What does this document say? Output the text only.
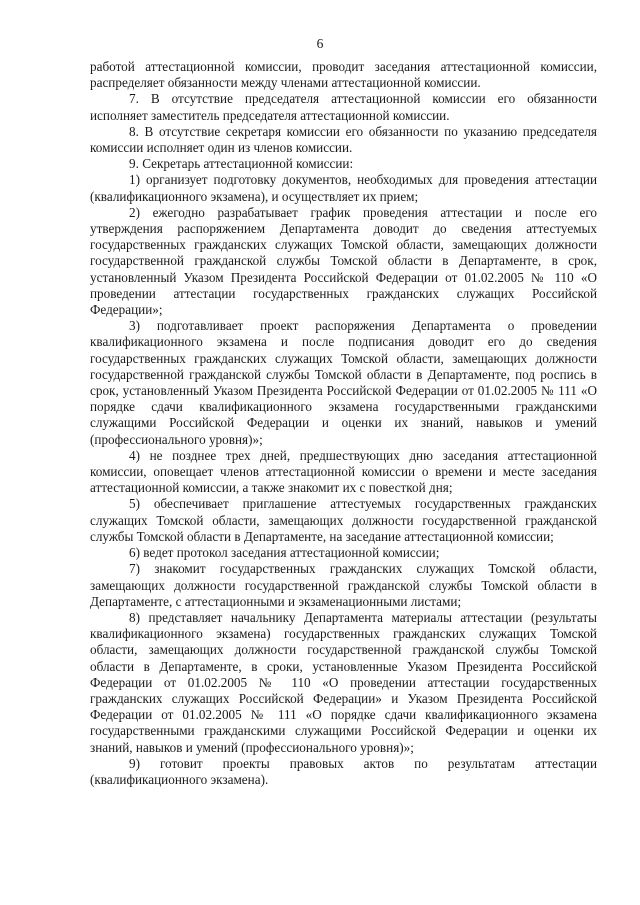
6

работой аттестационной комиссии, проводит заседания аттестационной комиссии, распределяет обязанности между членами аттестационной комиссии.

7. В отсутствие председателя аттестационной комиссии его обязанности исполняет заместитель председателя аттестационной комиссии.

8. В отсутствие секретаря комиссии его обязанности по указанию председателя комиссии исполняет один из членов комиссии.

9. Секретарь аттестационной комиссии:

1) организует подготовку документов, необходимых для проведения аттестации (квалификационного экзамена), и осуществляет их прием;

2) ежегодно разрабатывает график проведения аттестации и после его утверждения распоряжением Департамента доводит до сведения аттестуемых государственных гражданских служащих Томской области, замещающих должности государственной гражданской службы Томской области в Департаменте, в срок, установленный Указом Президента Российской Федерации от 01.02.2005 № 110 «О проведении аттестации государственных гражданских служащих Российской Федерации»;

3) подготавливает проект распоряжения Департамента о проведении квалификационного экзамена и после подписания доводит его до сведения государственных гражданских служащих Томской области, замещающих должности государственной гражданской службы Томской области в Департаменте, под роспись в срок, установленный Указом Президента Российской Федерации от 01.02.2005 № 111 «О порядке сдачи квалификационного экзамена государственными гражданскими служащими Российской Федерации и оценки их знаний, навыков и умений (профессионального уровня)»;

4) не позднее трех дней, предшествующих дню заседания аттестационной комиссии, оповещает членов аттестационной комиссии о времени и месте заседания аттестационной комиссии, а также знакомит их с повесткой дня;

5) обеспечивает приглашение аттестуемых государственных гражданских служащих Томской области, замещающих должности государственной гражданской службы Томской области в Департаменте, на заседание аттестационной комиссии;

6) ведет протокол заседания аттестационной комиссии;

7) знакомит государственных гражданских служащих Томской области, замещающих должности государственной гражданской службы Томской области в Департаменте, с аттестационными и экзаменационными листами;

8) представляет начальнику Департамента материалы аттестации (результаты квалификационного экзамена) государственных гражданских служащих Томской области, замещающих должности государственной гражданской службы Томской области в Департаменте, в сроки, установленные Указом Президента Российской Федерации от 01.02.2005 № 110 «О проведении аттестации государственных гражданских служащих Российской Федерации» и Указом Президента Российской Федерации от 01.02.2005 № 111 «О порядке сдачи квалификационного экзамена государственными гражданскими служащими Российской Федерации и оценки их знаний, навыков и умений (профессионального уровня)»;

9) готовит проекты правовых актов по результатам аттестации (квалификационного экзамена).
